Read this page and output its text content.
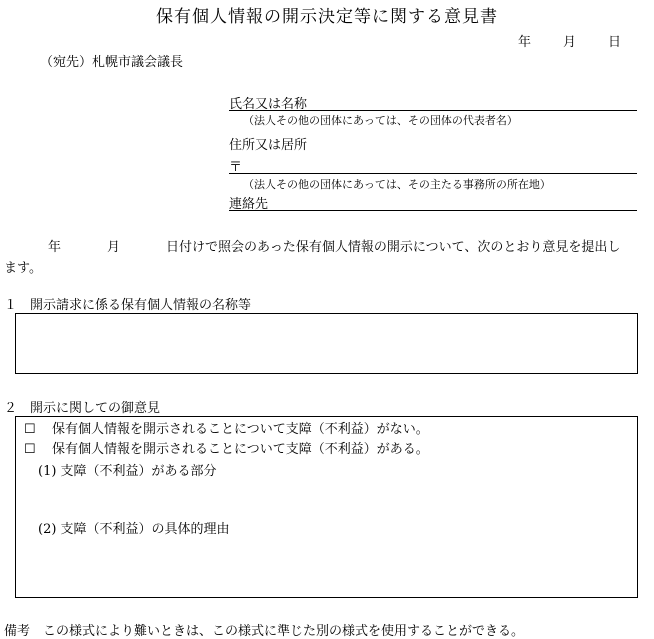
保有個人情報の開示決定等に関する意見書
年 月 日
（宛先）札幌市議会議長
氏名又は名称
（法人その他の団体にあっては、その団体の代表者名）
住所又は居所
〒
（法人その他の団体にあっては、その主たる事務所の所在地）
連絡先
年	月	日付けで照会のあった保有個人情報の開示について、次のとおり意見を提出します。
１　開示請求に係る保有個人情報の名称等
２　開示に関しての御意見
☐ 保有個人情報を開示されることについて支障（不利益）がない。
☐ 保有個人情報を開示されることについて支障（不利益）がある。
(1) 支障（不利益）がある部分
(2) 支障（不利益）の具体的理由
備考　この様式により難いときは、この様式に準じた別の様式を使用することができる。
